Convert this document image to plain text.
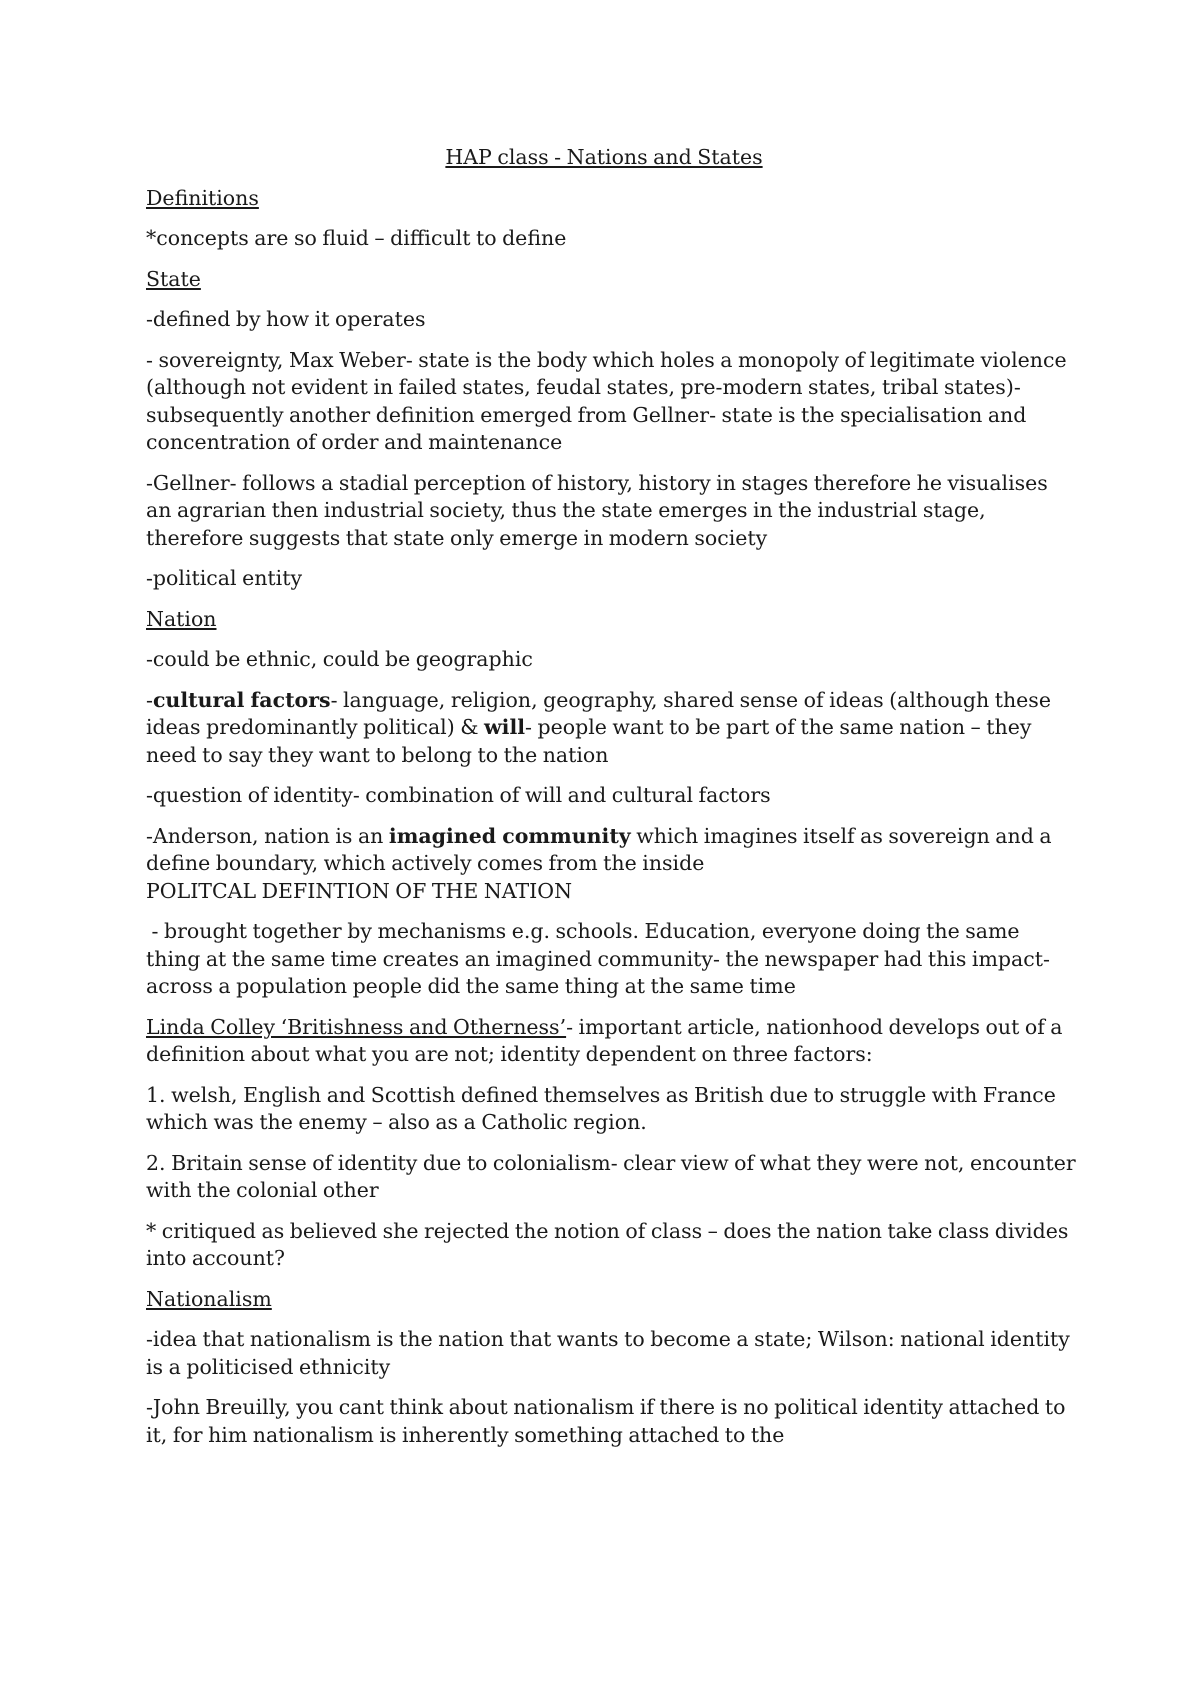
HAP class - Nations and States

Definitions

*concepts are so fluid – difficult to define

State

-defined by how it operates

- sovereignty, Max Weber- state is the body which holes a monopoly of legitimate violence (although not evident in failed states, feudal states, pre-modern states, tribal states)- subsequently another definition emerged from Gellner- state is the specialisation and concentration of order and maintenance

-Gellner- follows a stadial perception of history, history in stages therefore he visualises an agrarian then industrial society, thus the state emerges in the industrial stage, therefore suggests that state only emerge in modern society

-political entity

Nation

-could be ethnic, could be geographic

-cultural factors- language, religion, geography, shared sense of ideas (although these ideas predominantly political) & will- people want to be part of the same nation – they need to say they want to belong to the nation

-question of identity- combination of will and cultural factors

-Anderson, nation is an imagined community which imagines itself as sovereign and a define boundary, which actively comes from the inside

POLITCAL DEFINTION OF THE NATION

- brought together by mechanisms e.g. schools. Education, everyone doing the same thing at the same time creates an imagined community- the newspaper had this impact- across a population people did the same thing at the same time

Linda Colley ‘Britishness and Otherness’- important article, nationhood develops out of a definition about what you are not; identity dependent on three factors:

1. welsh, English and Scottish defined themselves as British due to struggle with France which was the enemy – also as a Catholic region.

2. Britain sense of identity due to colonialism- clear view of what they were not, encounter with the colonial other

* critiqued as believed she rejected the notion of class – does the nation take class divides into account?

Nationalism

-idea that nationalism is the nation that wants to become a state; Wilson: national identity is a politicised ethnicity

-John Breuilly, you cant think about nationalism if there is no political identity attached to it, for him nationalism is inherently something attached to the
